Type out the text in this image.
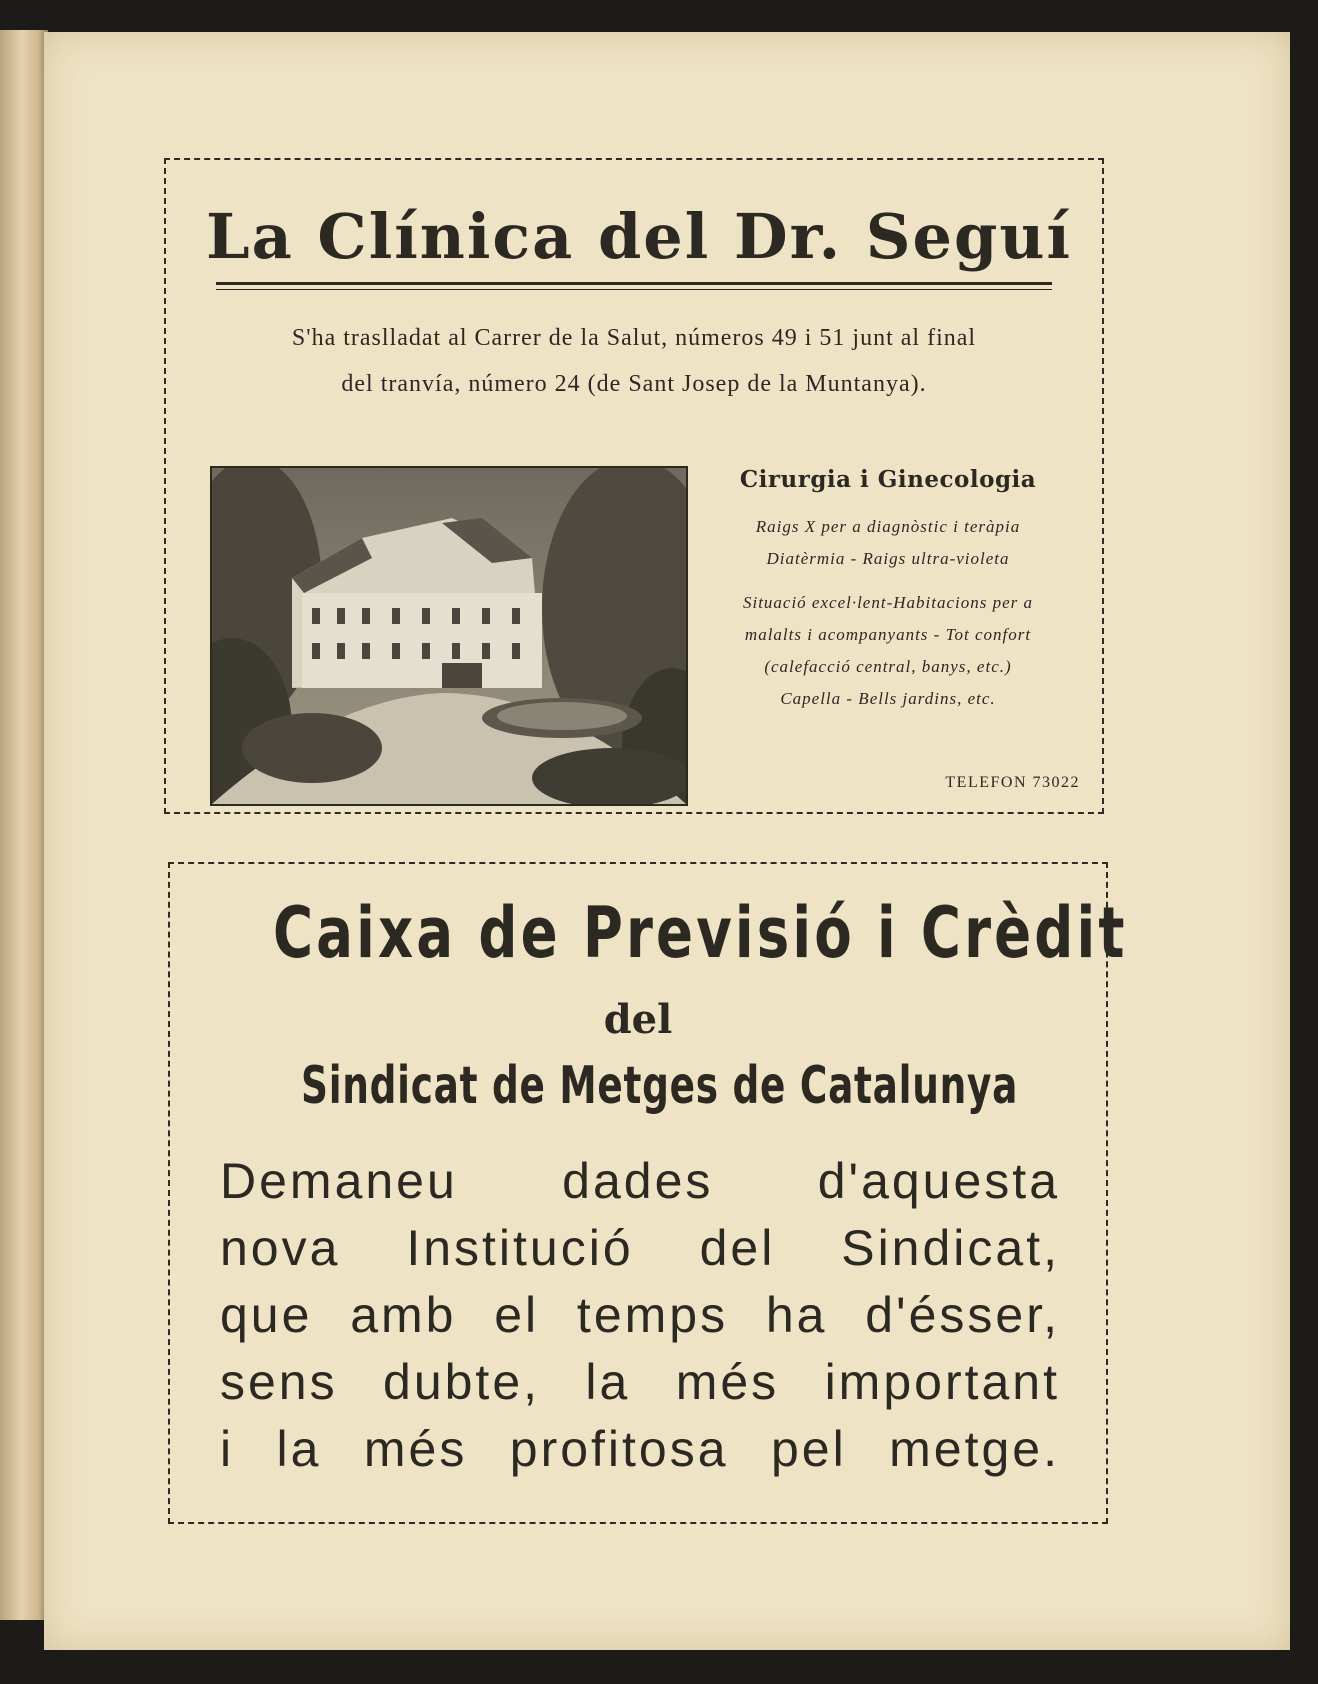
La Clínica del Dr. Seguí
S'ha traslladat al Carrer de la Salut, números 49 i 51 junt al final
del tranvía, número 24 (de Sant Josep de la Muntanya).
Cirurgia i Ginecologia
Raigs X per a diagnòstic i teràpia
Diatèrmia - Raigs ultra-violeta
Situació excel·lent-Habitacions per a
malalts i acompanyants - Tot confort
(calefacció central, banys, etc.)
Capella - Bells jardins, etc.
TELEFON 73022
Caixa de Previsió i Crèdit
del
Sindicat de Metges de Catalunya
Demaneu dades d'aquesta
nova Institució del Sindicat,
que amb el temps ha d'ésser,
sens dubte, la més important
i la més profitosa pel metge.
